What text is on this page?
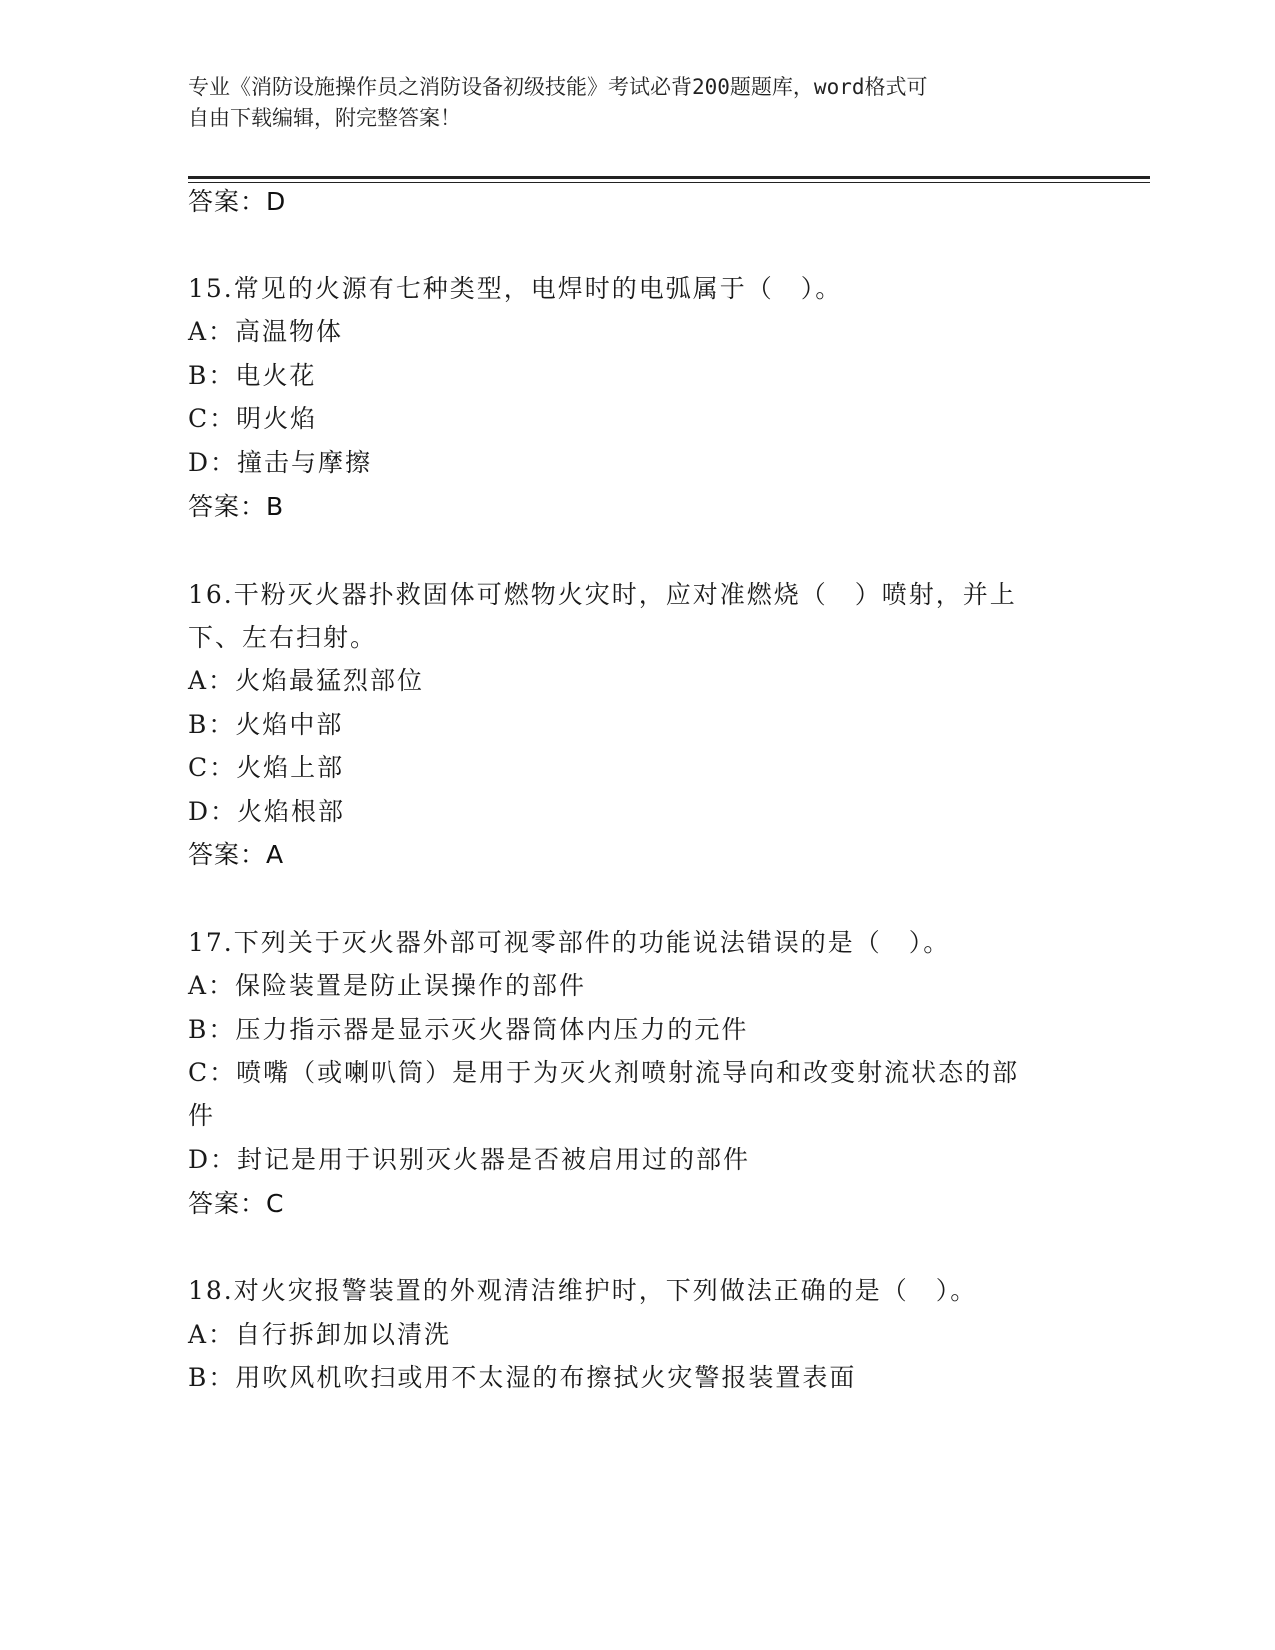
专业《消防设施操作员之消防设备初级技能》考试必背200题题库，word格式可
自由下载编辑，附完整答案！
答案：D
15.常见的火源有七种类型，电焊时的电弧属于（　）。
A：高温物体
B：电火花
C：明火焰
D：撞击与摩擦
答案：B
16.干粉灭火器扑救固体可燃物火灾时，应对准燃烧（　）喷射，并上
下、左右扫射。
A：火焰最猛烈部位
B：火焰中部
C：火焰上部
D：火焰根部
答案：A
17.下列关于灭火器外部可视零部件的功能说法错误的是（　）。
A：保险装置是防止误操作的部件
B：压力指示器是显示灭火器筒体内压力的元件
C：喷嘴（或喇叭筒）是用于为灭火剂喷射流导向和改变射流状态的部
件
D：封记是用于识别灭火器是否被启用过的部件
答案：C
18.对火灾报警装置的外观清洁维护时，下列做法正确的是（　）。
A：自行拆卸加以清洗
B：用吹风机吹扫或用不太湿的布擦拭火灾警报装置表面
